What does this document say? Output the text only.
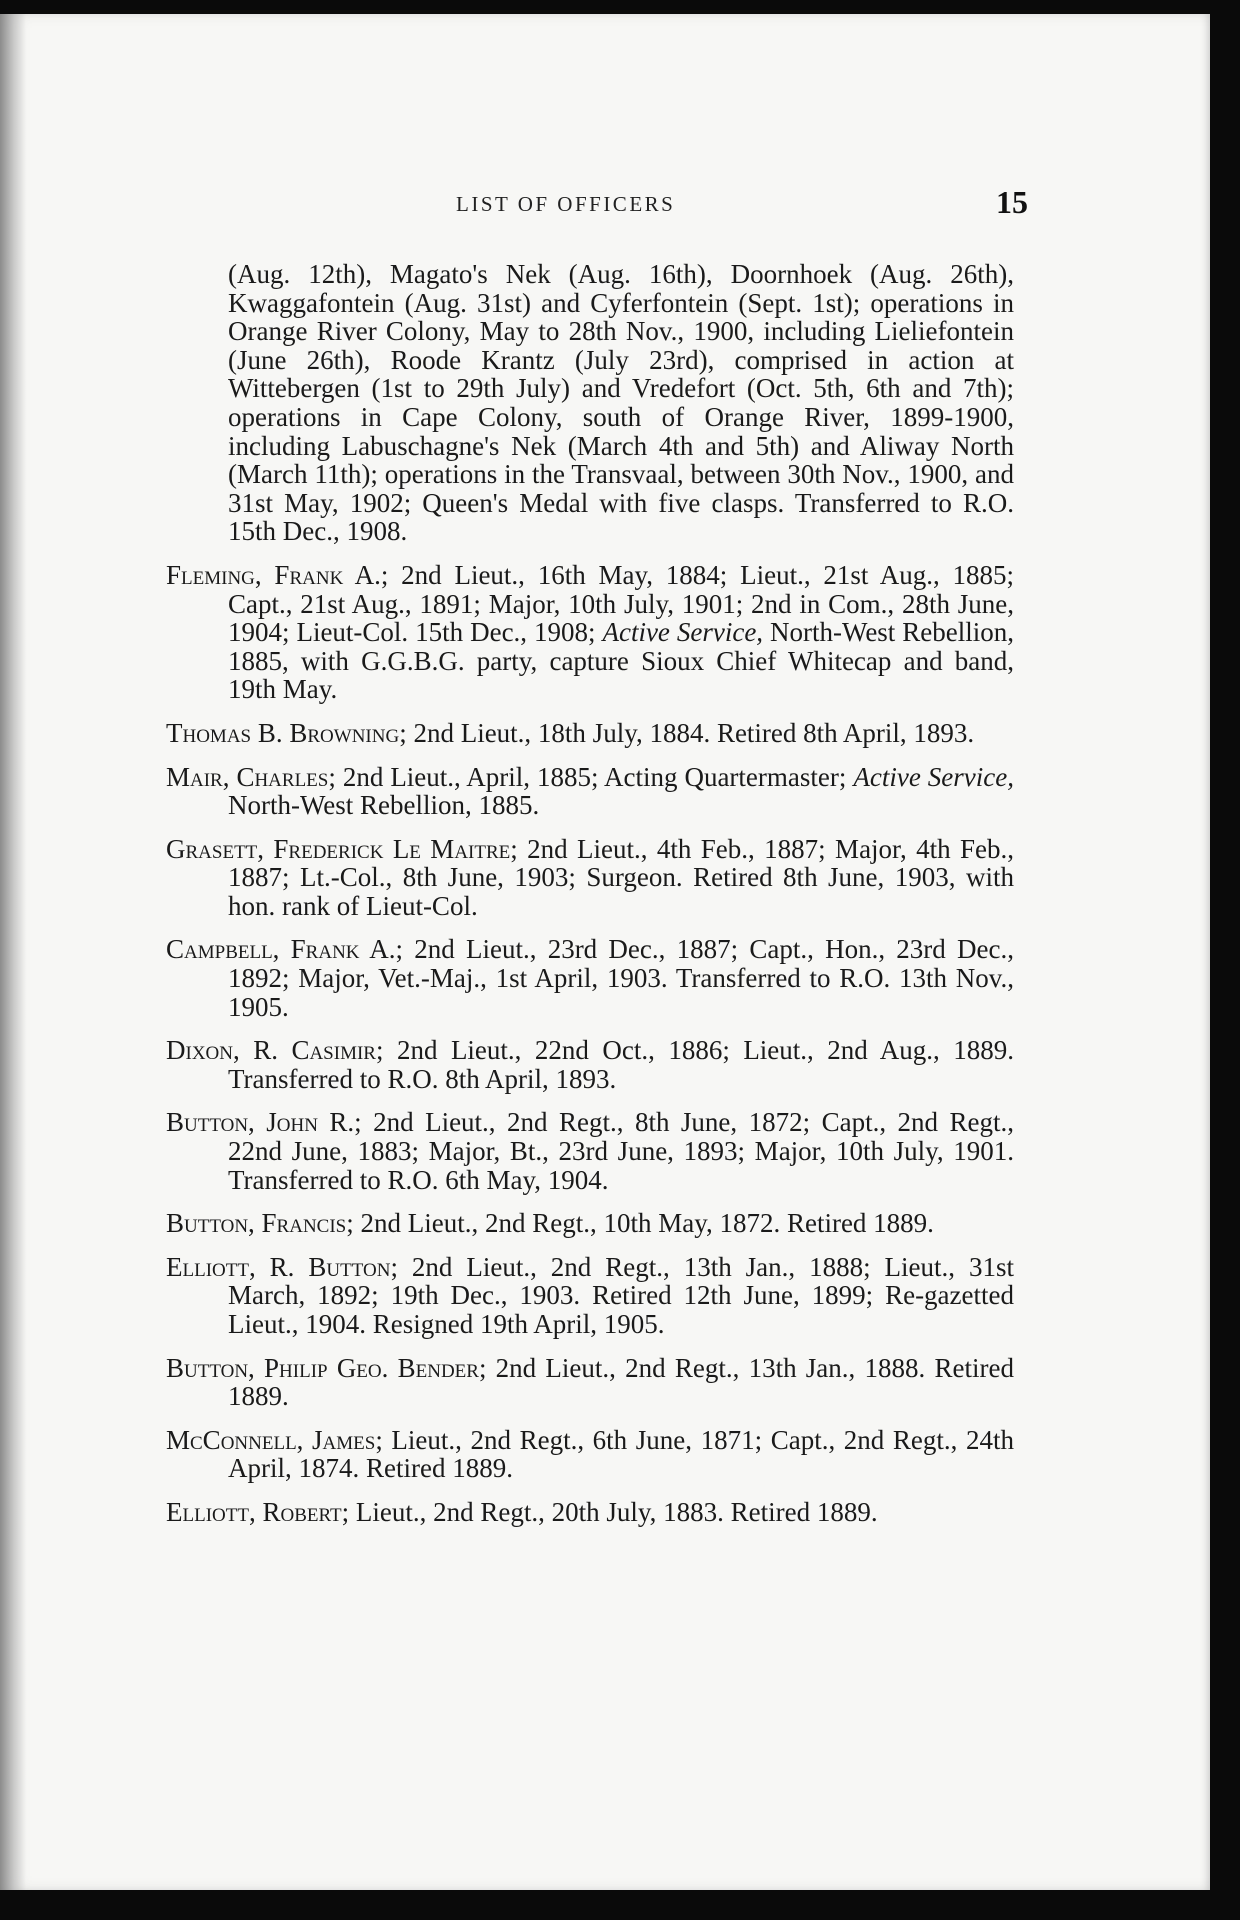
LIST OF OFFICERS	15

(Aug. 12th), Magato's Nek (Aug. 16th), Doornhoek (Aug. 26th), Kwaggafontein (Aug. 31st) and Cyferfontein (Sept. 1st); operations in Orange River Colony, May to 28th Nov., 1900, including Lieliefontein (June 26th), Roode Krantz (July 23rd), comprised in action at Wittebergen (1st to 29th July) and Vredefort (Oct. 5th, 6th and 7th); operations in Cape Colony, south of Orange River, 1899-1900, including Labuschagne's Nek (March 4th and 5th) and Aliway North (March 11th); operations in the Transvaal, between 30th Nov., 1900, and 31st May, 1902; Queen's Medal with five clasps. Transferred to R.O. 15th Dec., 1908.

Fleming, Frank A.; 2nd Lieut., 16th May, 1884; Lieut., 21st Aug., 1885; Capt., 21st Aug., 1891; Major, 10th July, 1901; 2nd in Com., 28th June, 1904; Lieut-Col. 15th Dec., 1908; Active Service, North-West Rebellion, 1885, with G.G.B.G. party, capture Sioux Chief Whitecap and band, 19th May.

Thomas B. Browning; 2nd Lieut., 18th July, 1884. Retired 8th April, 1893.

Mair, Charles; 2nd Lieut., April, 1885; Acting Quartermaster; Active Service, North-West Rebellion, 1885.

Grasett, Frederick Le Maitre; 2nd Lieut., 4th Feb., 1887; Major, 4th Feb., 1887; Lt.-Col., 8th June, 1903; Surgeon. Retired 8th June, 1903, with hon. rank of Lieut-Col.

Campbell, Frank A.; 2nd Lieut., 23rd Dec., 1887; Capt., Hon., 23rd Dec., 1892; Major, Vet.-Maj., 1st April, 1903. Transferred to R.O. 13th Nov., 1905.

Dixon, R. Casimir; 2nd Lieut., 22nd Oct., 1886; Lieut., 2nd Aug., 1889. Transferred to R.O. 8th April, 1893.

Button, John R.; 2nd Lieut., 2nd Regt., 8th June, 1872; Capt., 2nd Regt., 22nd June, 1883; Major, Bt., 23rd June, 1893; Major, 10th July, 1901. Transferred to R.O. 6th May, 1904.

Button, Francis; 2nd Lieut., 2nd Regt., 10th May, 1872. Retired 1889.

Elliott, R. Button; 2nd Lieut., 2nd Regt., 13th Jan., 1888; Lieut., 31st March, 1892; 19th Dec., 1903. Retired 12th June, 1899; Re-gazetted Lieut., 1904. Resigned 19th April, 1905.

Button, Philip Geo. Bender; 2nd Lieut., 2nd Regt., 13th Jan., 1888. Retired 1889.

McConnell, James; Lieut., 2nd Regt., 6th June, 1871; Capt., 2nd Regt., 24th April, 1874. Retired 1889.

Elliott, Robert; Lieut., 2nd Regt., 20th July, 1883. Retired 1889.
